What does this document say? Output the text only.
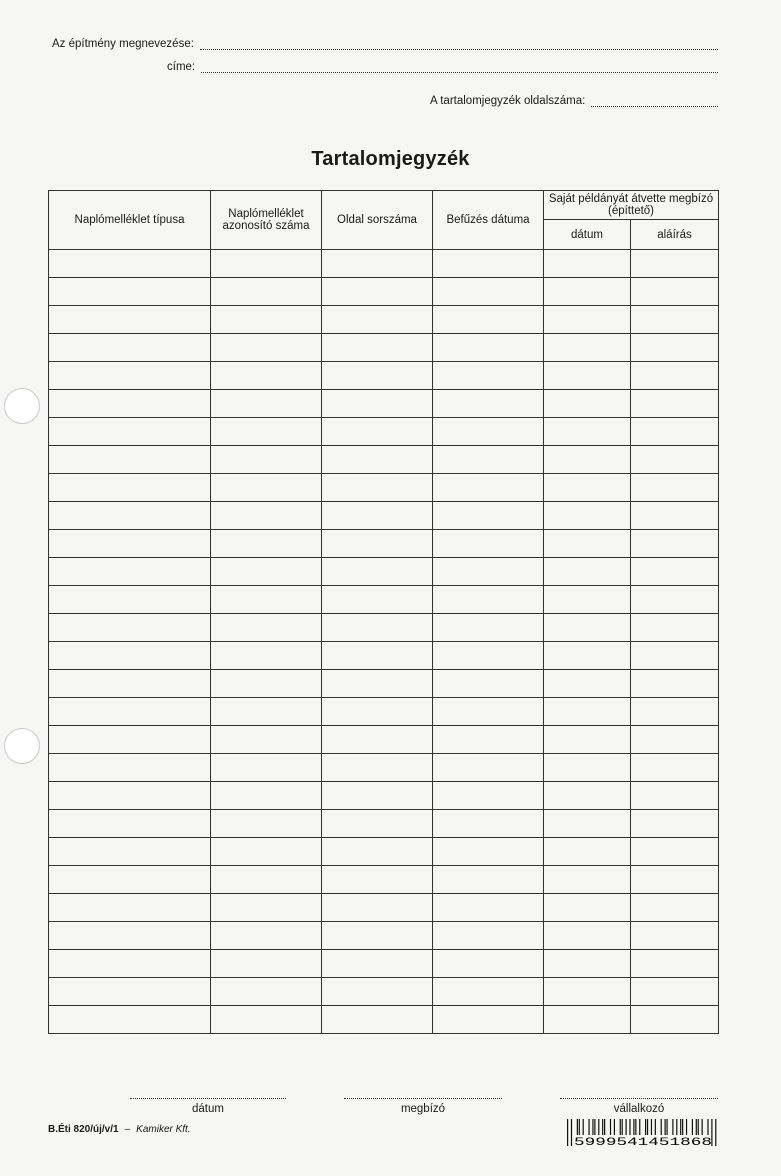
Az építmény megnevezése:
címe:
A tartalomjegyzék oldalszáma:
Tartalomjegyzék
Naplómelléklet típusa	Naplómelléklet azonosító száma	Oldal sorszáma	Befűzés dátuma	Saját példányát átvette megbízó (építtető)	
				dátum	aláírás

dátum	megbízó	vállalkozó
B.Éti 820/új/v/1 – Kamiker Kft.
5999541451868
